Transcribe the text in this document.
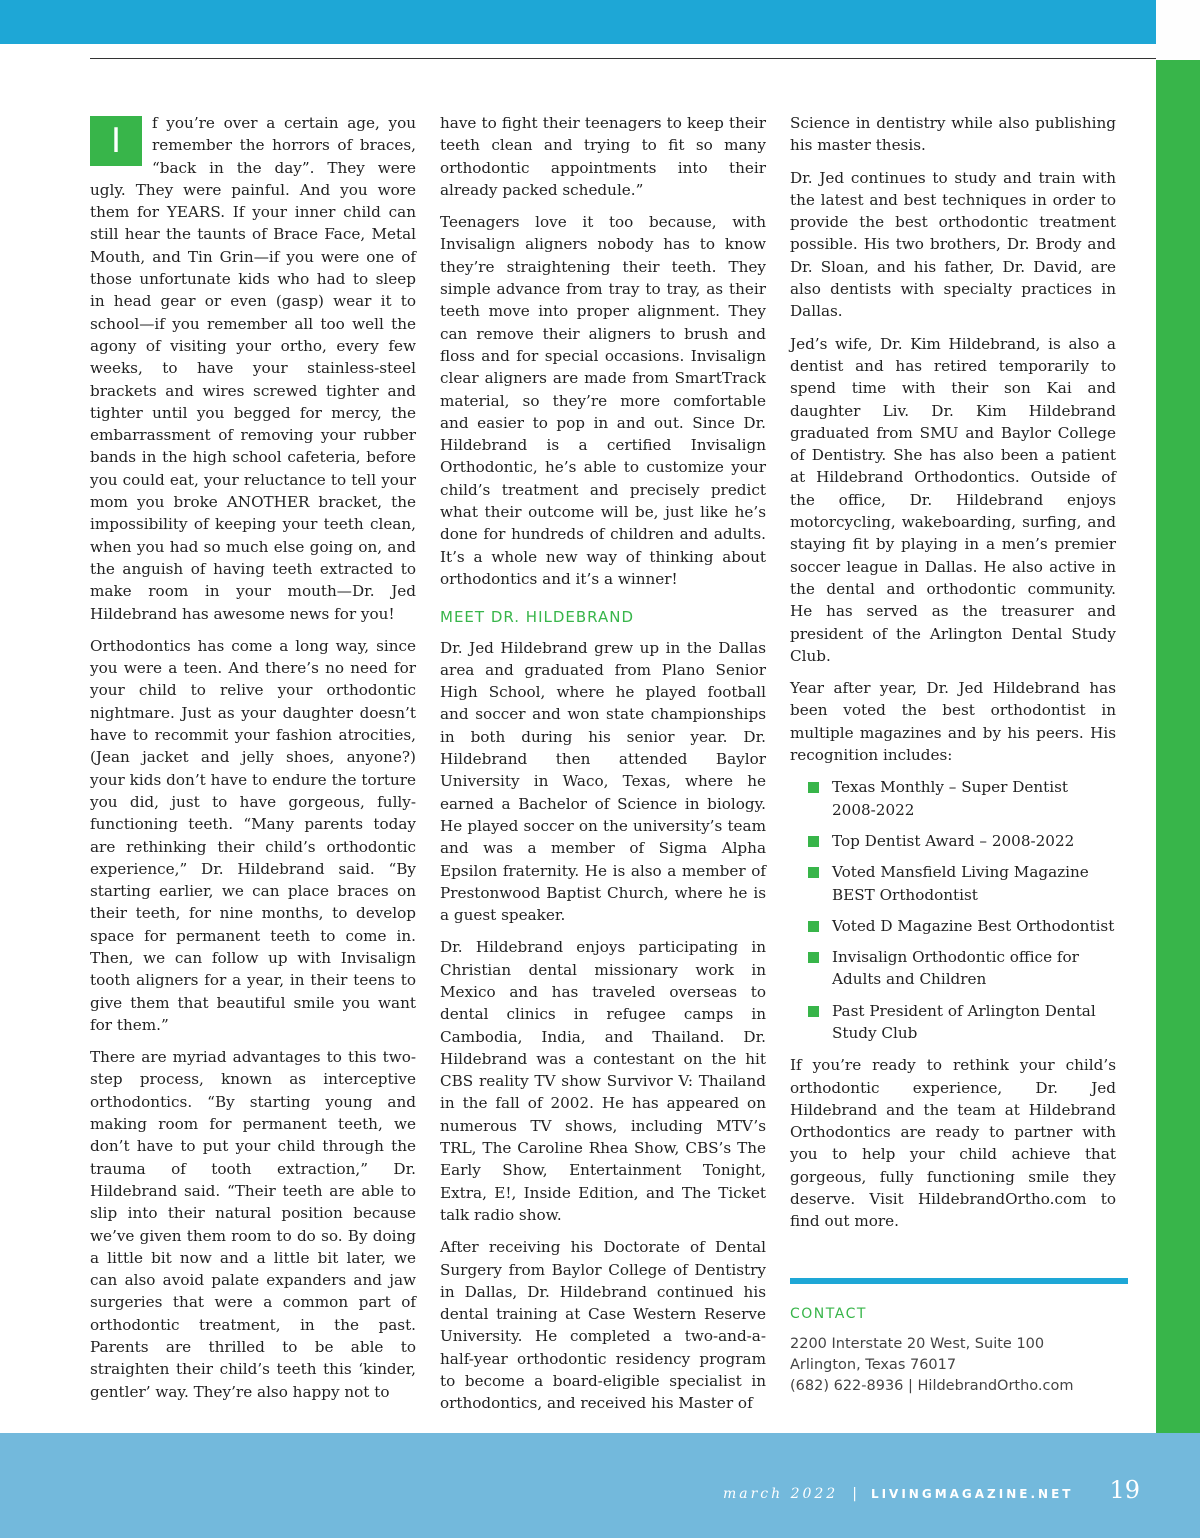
I	f you’re over a certain age, you remember the horrors of braces, “back in the day”. They were ugly. They were painful. And you wore them for YEARS. If your inner child can still hear the taunts of Brace Face, Metal Mouth, and Tin Grin—if you were one of those unfortunate kids who had to sleep in head gear or even (gasp) wear it to school—if you remember all too well the agony of visiting your ortho, every few weeks, to have your stainless-steel brackets and wires screwed tighter and tighter until you begged for mercy, the embarrassment of removing your rubber bands in the high school cafeteria, before you could eat, your reluctance to tell your mom you broke ANOTHER bracket, the impossibility of keeping your teeth clean, when you had so much else going on, and the anguish of having teeth extracted to make room in your mouth—Dr. Jed Hildebrand has awesome news for you!

Orthodontics has come a long way, since you were a teen. And there’s no need for your child to relive your orthodontic nightmare. Just as your daughter doesn’t have to recommit your fashion atrocities, (Jean jacket and jelly shoes, anyone?) your kids don’t have to endure the torture you did, just to have gorgeous, fully-functioning teeth. “Many parents today are rethinking their child’s orthodontic experience,” Dr. Hildebrand said. “By starting earlier, we can place braces on their teeth, for nine months, to develop space for permanent teeth to come in. Then, we can follow up with Invisalign tooth aligners for a year, in their teens to give them that beautiful smile you want for them.”

There are myriad advantages to this two-step process, known as interceptive orthodontics. “By starting young and making room for permanent teeth, we don’t have to put your child through the trauma of tooth extraction,” Dr. Hildebrand said. “Their teeth are able to slip into their natural position because we’ve given them room to do so. By doing a little bit now and a little bit later, we can also avoid palate expanders and jaw surgeries that were a common part of orthodontic treatment, in the past. Parents are thrilled to be able to straighten their child’s teeth this ‘kinder, gentler’ way. They’re also happy not to

have to fight their teenagers to keep their teeth clean and trying to fit so many orthodontic appointments into their already packed schedule.”

Teenagers love it too because, with Invisalign aligners nobody has to know they’re straightening their teeth. They simple advance from tray to tray, as their teeth move into proper alignment. They can remove their aligners to brush and floss and for special occasions. Invisalign clear aligners are made from SmartTrack material, so they’re more comfortable and easier to pop in and out. Since Dr. Hildebrand is a certified Invisalign Orthodontic, he’s able to customize your child’s treatment and precisely predict what their outcome will be, just like he’s done for hundreds of children and adults. It’s a whole new way of thinking about orthodontics and it’s a winner!

MEET DR. HILDEBRAND

Dr. Jed Hildebrand grew up in the Dallas area and graduated from Plano Senior High School, where he played football and soccer and won state championships in both during his senior year. Dr. Hildebrand then attended Baylor University in Waco, Texas, where he earned a Bachelor of Science in biology. He played soccer on the university’s team and was a member of Sigma Alpha Epsilon fraternity. He is also a member of Prestonwood Baptist Church, where he is a guest speaker.

Dr. Hildebrand enjoys participating in Christian dental missionary work in Mexico and has traveled overseas to dental clinics in refugee camps in Cambodia, India, and Thailand. Dr. Hildebrand was a contestant on the hit CBS reality TV show Survivor V: Thailand in the fall of 2002. He has appeared on numerous TV shows, including MTV’s TRL, The Caroline Rhea Show, CBS’s The Early Show, Entertainment Tonight, Extra, E!, Inside Edition, and The Ticket talk radio show.

After receiving his Doctorate of Dental Surgery from Baylor College of Dentistry in Dallas, Dr. Hildebrand continued his dental training at Case Western Reserve University. He completed a two-and-a-half-year orthodontic residency program to become a board-eligible specialist in orthodontics, and received his Master of

Science in dentistry while also publishing his master thesis.

Dr. Jed continues to study and train with the latest and best techniques in order to provide the best orthodontic treatment possible. His two brothers, Dr. Brody and Dr. Sloan, and his father, Dr. David, are also dentists with specialty practices in Dallas.

Jed’s wife, Dr. Kim Hildebrand, is also a dentist and has retired temporarily to spend time with their son Kai and daughter Liv. Dr. Kim Hildebrand graduated from SMU and Baylor College of Dentistry. She has also been a patient at Hildebrand Orthodontics. Outside of the office, Dr. Hildebrand enjoys motorcycling, wakeboarding, surfing, and staying fit by playing in a men’s premier soccer league in Dallas. He also active in the dental and orthodontic community. He has served as the treasurer and president of the Arlington Dental Study Club.

Year after year, Dr. Jed Hildebrand has been voted the best orthodontist in multiple magazines and by his peers. His recognition includes:

Texas Monthly – Super Dentist 2008-2022
Top Dentist Award – 2008-2022
Voted Mansfield Living Magazine BEST Orthodontist
Voted D Magazine Best Orthodontist
Invisalign Orthodontic office for Adults and Children
Past President of Arlington Dental Study Club

If you’re ready to rethink your child’s orthodontic experience, Dr. Jed Hildebrand and the team at Hildebrand Orthodontics are ready to partner with you to help your child achieve that gorgeous, fully functioning smile they deserve. Visit HildebrandOrtho.com to find out more.

CONTACT
2200 Interstate 20 West, Suite 100
Arlington, Texas 76017
(682) 622-8936 | HildebrandOrtho.com
march 2022 | LIVINGMAGAZINE.NET 19
